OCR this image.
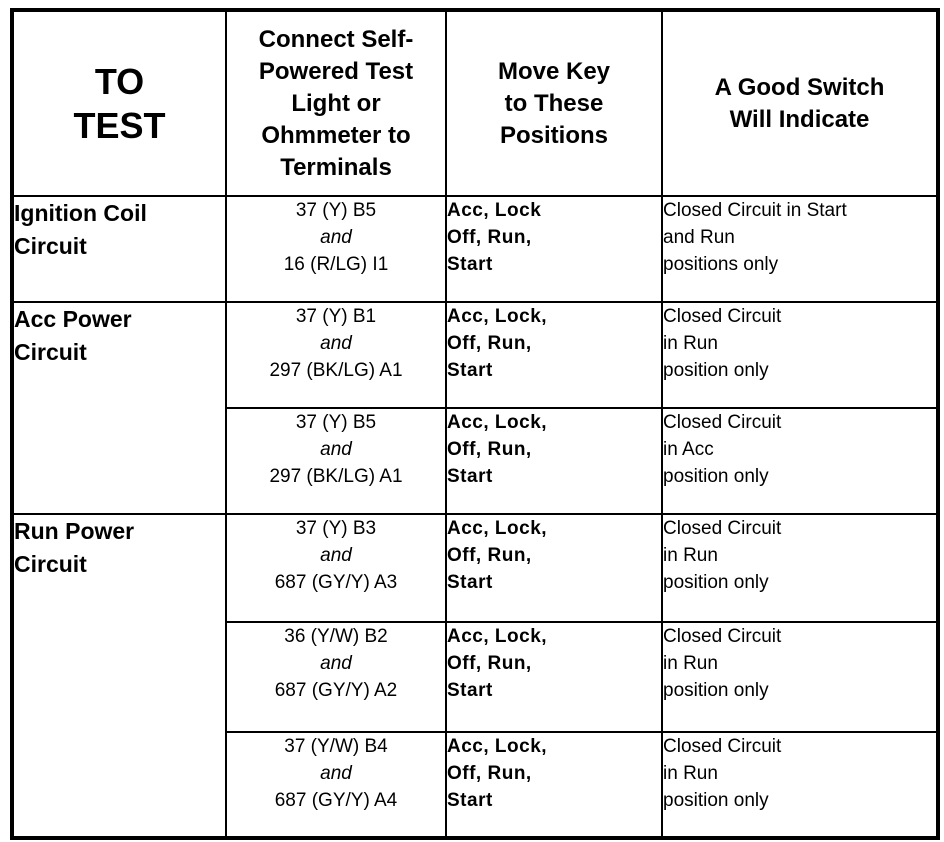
TO
TEST	Connect Self-
Powered Test
Light or
Ohmmeter to
Terminals	Move Key
to These
Positions	A Good Switch
Will Indicate

Ignition Coil
Circuit	37 (Y) B5
and
16 (R/LG) I1	Acc, Lock
Off, Run,
Start	Closed Circuit in Start
and Run
positions only

Acc Power
Circuit	37 (Y) B1
and
297 (BK/LG) A1	Acc, Lock,
Off, Run,
Start	Closed Circuit
in Run
position only

	37 (Y) B5
and
297 (BK/LG) A1	Acc, Lock,
Off, Run,
Start	Closed Circuit
in Acc
position only

Run Power
Circuit	37 (Y) B3
and
687 (GY/Y) A3	Acc, Lock,
Off, Run,
Start	Closed Circuit
in Run
position only

	36 (Y/W) B2
and
687 (GY/Y) A2	Acc, Lock,
Off, Run,
Start	Closed Circuit
in Run
position only

	37 (Y/W) B4
and
687 (GY/Y) A4	Acc, Lock,
Off, Run,
Start	Closed Circuit
in Run
position only
